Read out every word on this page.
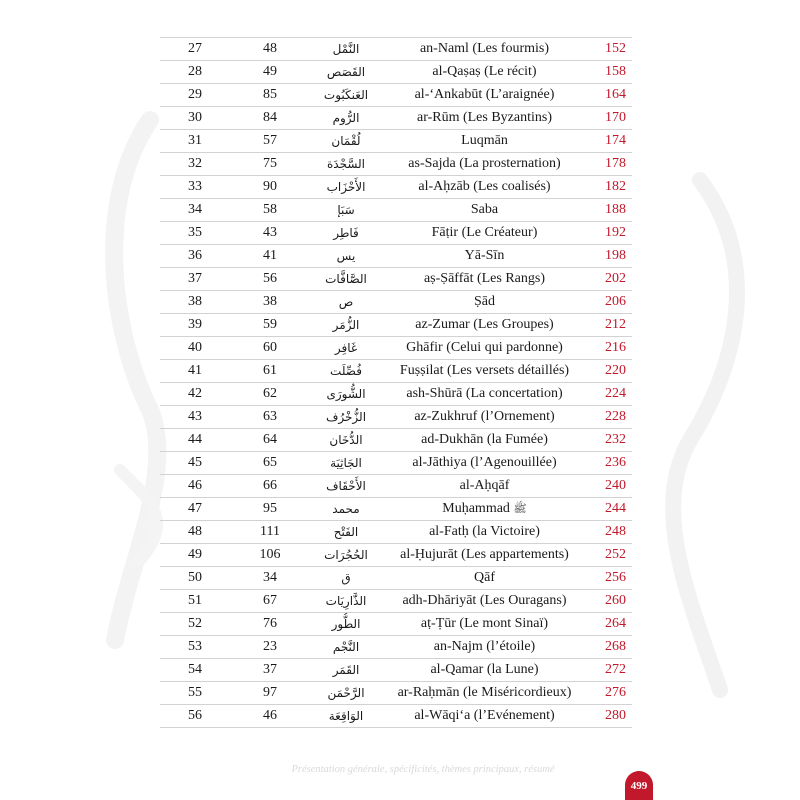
27	48	النَّمْل	an-Naml (Les fourmis)	152
28	49	القَصَص	al-Qaṣaṣ (Le récit)	158
29	85	العَنكَبُوت	al-‘Ankabūt (L’araignée)	164
30	84	الرُّوم	ar-Rūm (Les Byzantins)	170
31	57	لُقْمَان	Luqmān	174
32	75	السَّجْدَة	as-Sajda (La prosternation)	178
33	90	الأَحْزَاب	al-Aḥzāb (Les coalisés)	182
34	58	سَبَإ	Saba	188
35	43	فَاطِر	Fāṭir (Le Créateur)	192
36	41	يس	Yā-Sīn	198
37	56	الصَّافَّات	aṣ-Ṣāffāt (Les Rangs)	202
38	38	ص	Ṣād	206
39	59	الزُّمَر	az-Zumar (Les Groupes)	212
40	60	غَافِر	Ghāfir (Celui qui pardonne)	216
41	61	فُصِّلَت	Fuṣṣilat (Les versets détaillés)	220
42	62	الشُّورَى	ash-Shūrā (La concertation)	224
43	63	الزُّخْرُف	az-Zukhruf (l’Ornement)	228
44	64	الدُّخَان	ad-Dukhān (la Fumée)	232
45	65	الجَاثِيَة	al-Jāthiya (l’Agenouillée)	236
46	66	الأَحْقَاف	al-Aḥqāf	240
47	95	محمد	Muḥammad ﷺ	244
48	111	الفَتْح	al-Fatḥ (la Victoire)	248
49	106	الحُجُرَات	al-Ḥujurāt (Les appartements)	252
50	34	ق	Qāf	256
51	67	الذَّارِيَات	adh-Dhāriyāt (Les Ouragans)	260
52	76	الطُّور	aṭ-Ṭūr (Le mont Sinaï)	264
53	23	النَّجْم	an-Najm (l’étoile)	268
54	37	القَمَر	al-Qamar (la Lune)	272
55	97	الرَّحْمَن	ar-Raḥmān (le Miséricordieux)	276
56	46	الوَاقِعَة	al-Wāqi‘a (l’Evénement)	280
Présentation générale, spécificités, thèmes principaux, résumé
499
